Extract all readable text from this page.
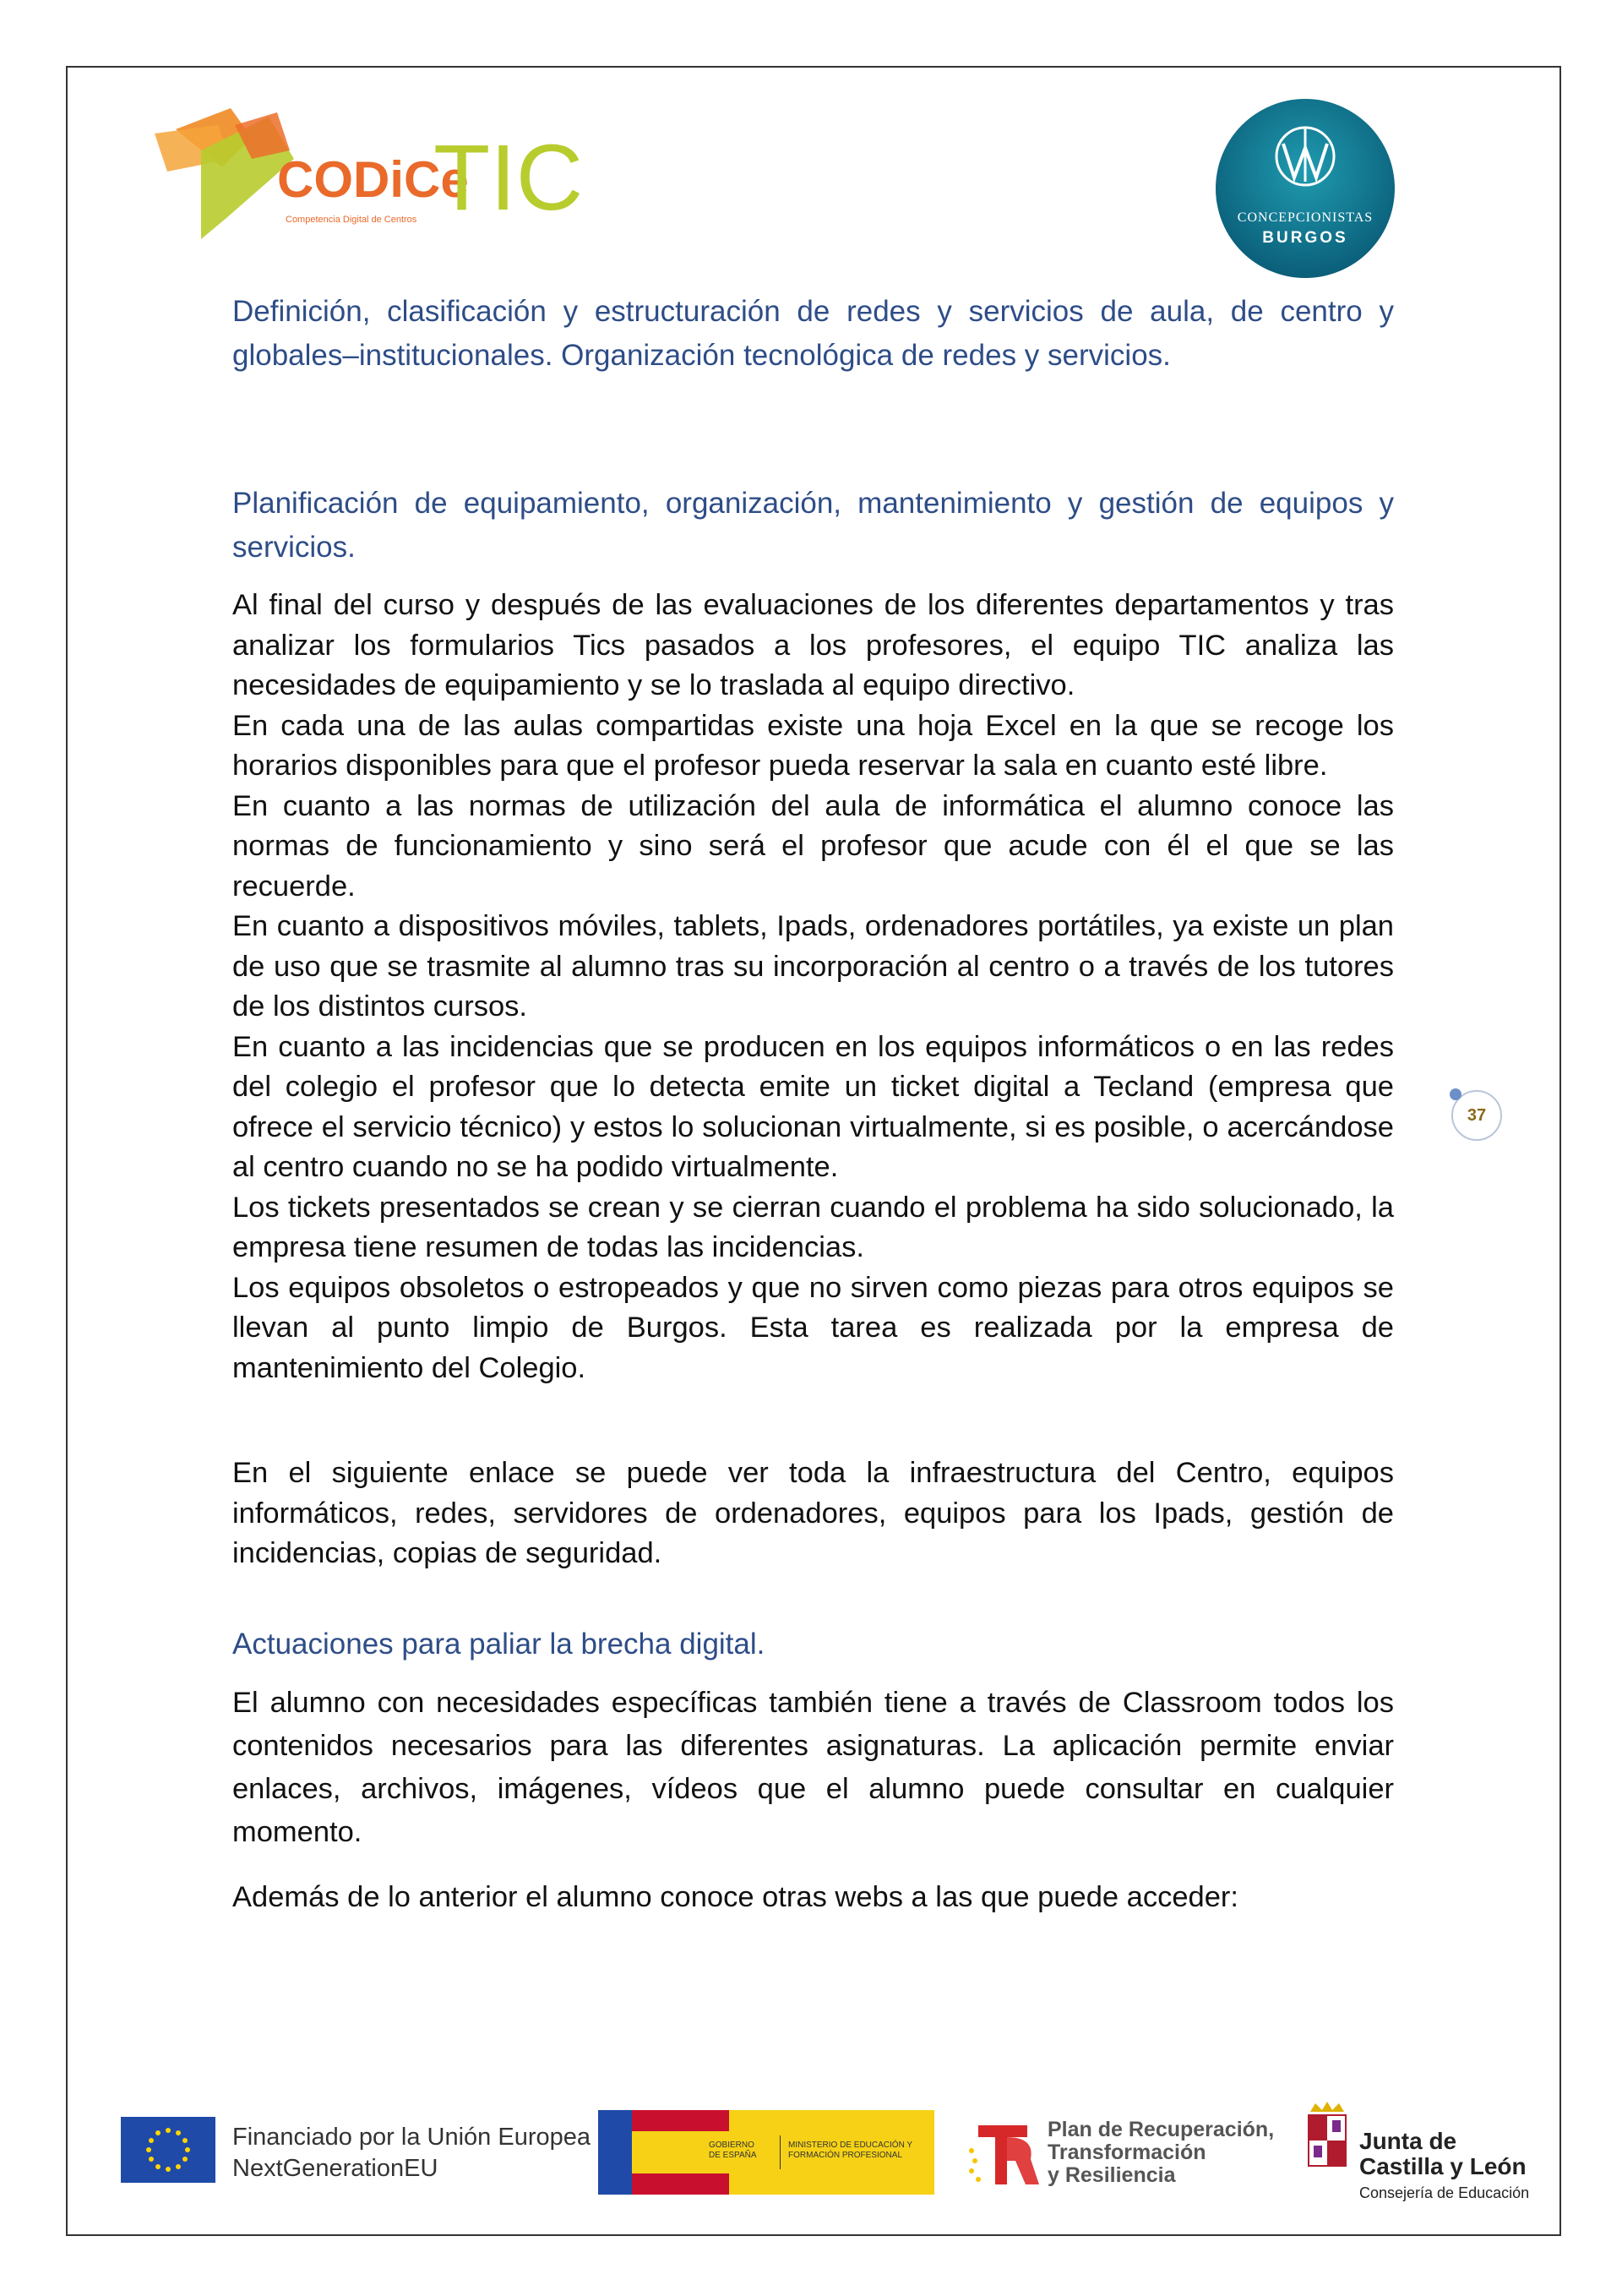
CODiCe
TIC
Competencia Digital de Centros	CONCEPCIONISTAS
BURGOS

Definición, clasificación y estructuración de redes y servicios de aula, de centro y globales–institucionales. Organización tecnológica de redes y servicios.

Planificación de equipamiento, organización, mantenimiento y gestión de equipos y servicios.

Al final del curso y después de las evaluaciones de los diferentes departamentos y tras analizar los formularios Tics pasados a los profesores, el equipo TIC analiza las necesidades de equipamiento y se lo traslada al equipo directivo.

En cada una de las aulas compartidas existe una hoja Excel en la que se recoge los horarios disponibles para que el profesor pueda reservar la sala en cuanto esté libre.

En cuanto a las normas de utilización del aula de informática el alumno conoce las normas de funcionamiento y sino será el profesor que acude con él el que se las recuerde.

En cuanto a dispositivos móviles, tablets, Ipads, ordenadores portátiles, ya existe un plan de uso que se trasmite al alumno tras su incorporación al centro o a través de los tutores de los distintos cursos.

En cuanto a las incidencias que se producen en los equipos informáticos o en las redes del colegio el profesor que lo detecta emite un ticket digital a Tecland (empresa que ofrece el servicio técnico) y estos lo solucionan virtualmente, si es posible, o acercándose al centro cuando no se ha podido virtualmente.

Los tickets presentados se crean y se cierran cuando el problema ha sido solucionado, la empresa tiene resumen de todas las incidencias.

Los equipos obsoletos o estropeados y que no sirven como piezas para otros equipos se llevan al punto limpio de Burgos. Esta tarea es realizada por la empresa de mantenimiento del Colegio.

En el siguiente enlace se puede ver toda la infraestructura del Centro, equipos informáticos, redes, servidores de ordenadores, equipos para los Ipads, gestión de incidencias, copias de seguridad.

Actuaciones para paliar la brecha digital.

El alumno con necesidades específicas también tiene a través de Classroom todos los contenidos necesarios para las diferentes asignaturas. La aplicación permite enviar enlaces, archivos, imágenes, vídeos que el alumno puede consultar en cualquier momento.

Además de lo anterior el alumno conoce otras webs a las que puede acceder:

37
Financiado por la Unión Europea
NextGenerationEU
GOBIERNO DE ESPAÑA
MINISTERIO DE EDUCACIÓN Y FORMACIÓN PROFESIONAL
Plan de Recuperación,
Transformación
y Resiliencia
Junta de
Castilla y León
Consejería de Educación
